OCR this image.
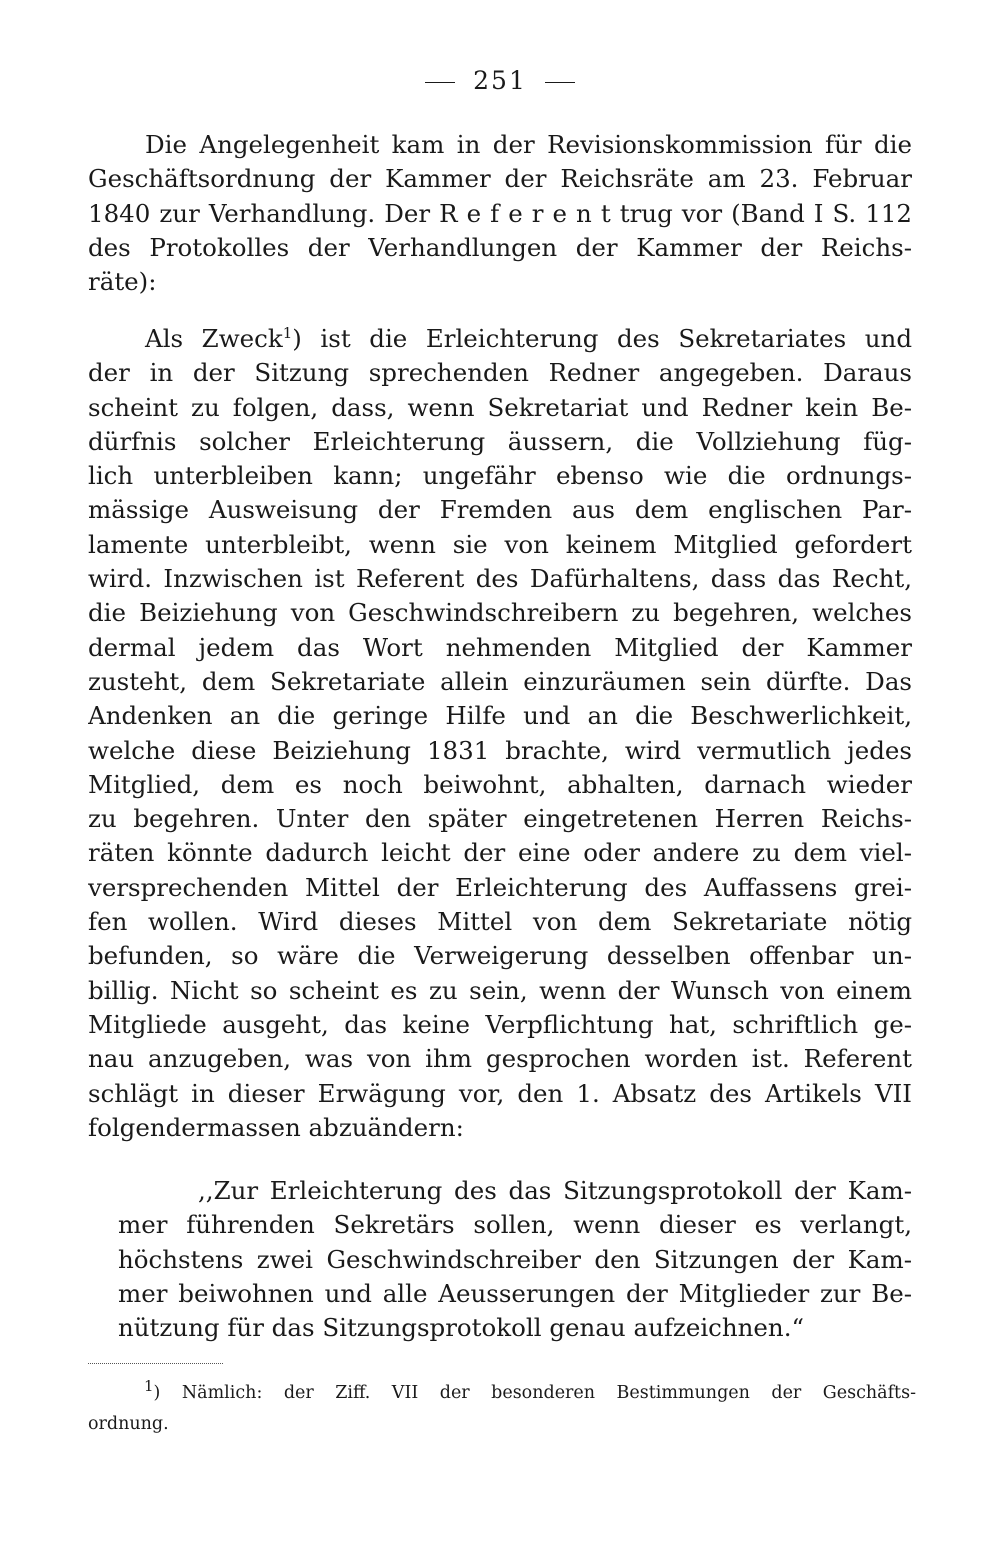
251
Die Angelegenheit kam in der Revisionskommission für die
Geschäftsordnung der Kammer der Reichsräte am 23. Februar
1840 zur Verhandlung. Der R e f e r e n t trug vor (Band I S. 112
des Protokolles der Verhandlungen der Kammer der Reichs-
räte):
Als Zweck$^1$) ist die Erleichterung des Sekretariates und
der in der Sitzung sprechenden Redner angegeben. Daraus
scheint zu folgen, dass, wenn Sekretariat und Redner kein Be-
dürfnis solcher Erleichterung äussern, die Vollziehung füg-
lich unterbleiben kann; ungefähr ebenso wie die ordnungs-
mässige Ausweisung der Fremden aus dem englischen Par-
lamente unterbleibt, wenn sie von keinem Mitglied gefordert
wird. Inzwischen ist Referent des Dafürhaltens, dass das Recht,
die Beiziehung von Geschwindschreibern zu begehren, welches
dermal jedem das Wort nehmenden Mitglied der Kammer
zusteht, dem Sekretariate allein einzuräumen sein dürfte. Das
Andenken an die geringe Hilfe und an die Beschwerlichkeit,
welche diese Beiziehung 1831 brachte, wird vermutlich jedes
Mitglied, dem es noch beiwohnt, abhalten, darnach wieder
zu begehren. Unter den später eingetretenen Herren Reichs-
räten könnte dadurch leicht der eine oder andere zu dem viel-
versprechenden Mittel der Erleichterung des Auffassens grei-
fen wollen. Wird dieses Mittel von dem Sekretariate nötig
befunden, so wäre die Verweigerung desselben offenbar un-
billig. Nicht so scheint es zu sein, wenn der Wunsch von einem
Mitgliede ausgeht, das keine Verpflichtung hat, schriftlich ge-
nau anzugeben, was von ihm gesprochen worden ist. Referent
schlägt in dieser Erwägung vor, den 1. Absatz des Artikels VII
folgendermassen abzuändern:
,,Zur Erleichterung des das Sitzungsprotokoll der Kam-
mer führenden Sekretärs sollen, wenn dieser es verlangt,
höchstens zwei Geschwindschreiber den Sitzungen der Kam-
mer beiwohnen und alle Aeusserungen der Mitglieder zur Be-
nützung für das Sitzungsprotokoll genau aufzeichnen.“
$^1$) Nämlich: der Ziff. VII der besonderen Bestimmungen der Geschäfts-
ordnung.
